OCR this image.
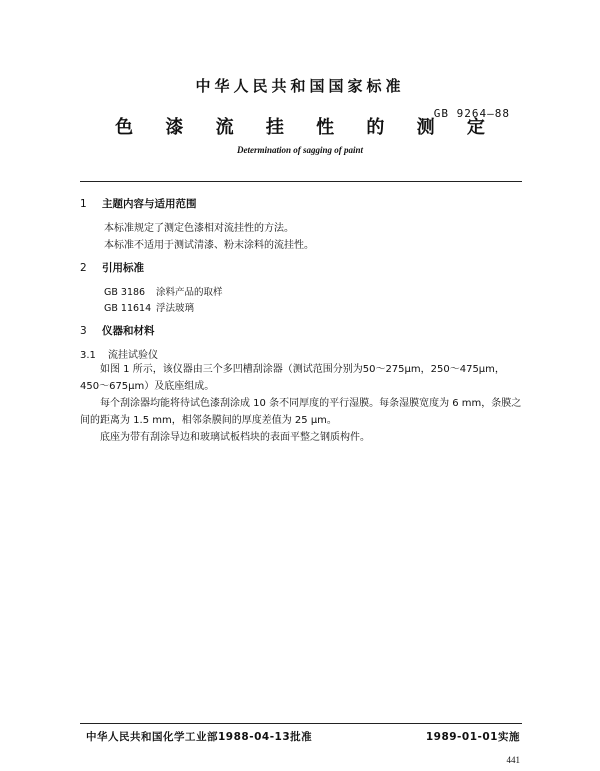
中华人民共和国国家标准
GB 9264—88
色 漆 流 挂 性 的 测 定
Determination of sagging of paint
1 主题内容与适用范围
本标准规定了测定色漆相对流挂性的方法。
本标准不适用于测试清漆、粉末涂料的流挂性。
2 引用标准
GB 3186 涂料产品的取样
GB 11614 浮法玻璃
3 仪器和材料
3.1 流挂试验仪

如图 1 所示，该仪器由三个多凹槽刮涂器（测试范围分别为50～275μm，250～475μm，450～675μm）及底座组成。

每个刮涂器均能将待试色漆刮涂成 10 条不同厚度的平行湿膜。每条湿膜宽度为 6 mm，条膜之间的距离为 1.5 mm，相邻条膜间的厚度差值为 25 μm。

底座为带有刮涂导边和玻璃试板档块的表面平整之钢质构件。

中华人民共和国化学工业部1988-04-13批准	1989-01-01实施
441
